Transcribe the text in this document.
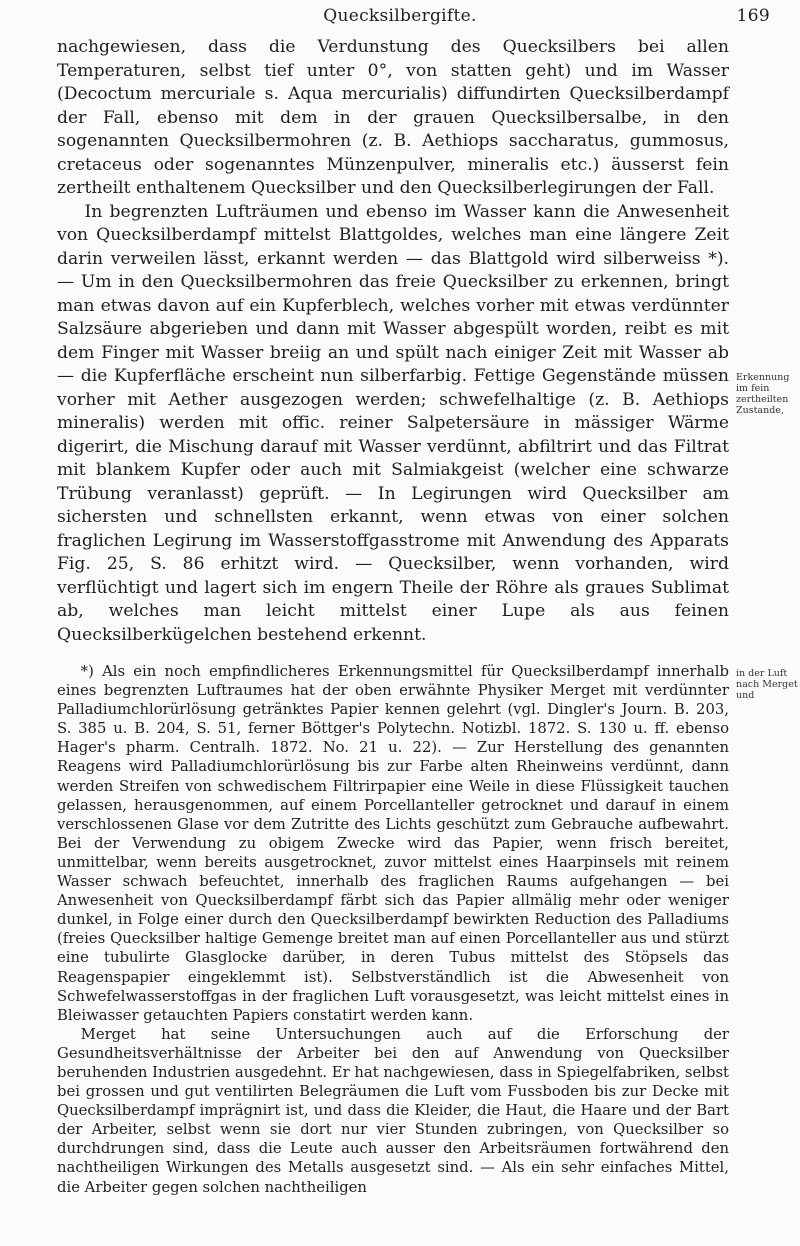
Quecksilbergifte.	169

nachgewiesen, dass die Verdunstung des Quecksilbers bei allen Temperaturen, selbst tief unter 0°, von statten geht) und im Wasser (Decoctum mercuriale s. Aqua mercurialis) diffundirten Quecksilberdampf der Fall, ebenso mit dem in der grauen Quecksilbersalbe, in den sogenannten Quecksilbermohren (z. B. Aethiops saccharatus, gummosus, cretaceus oder sogenanntes Münzenpulver, mineralis etc.) äusserst fein zertheilt enthaltenem Quecksilber und den Quecksilberlegirungen der Fall.

In begrenzten Lufträumen und ebenso im Wasser kann die Anwesenheit von Quecksilberdampf mittelst Blattgoldes, welches man eine längere Zeit darin verweilen lässt, erkannt werden — das Blattgold wird silberweiss *). — Um in den Quecksilbermohren das freie Quecksilber zu erkennen, bringt man etwas davon auf ein Kupferblech, welches vorher mit etwas verdünnter Salzsäure abgerieben und dann mit Wasser abgespült worden, reibt es mit dem Finger mit Wasser breiig an und spült nach einiger Zeit mit Wasser ab — die Kupferfläche erscheint nun silberfarbig. Fettige Gegenstände müssen vorher mit Aether ausgezogen werden; schwefelhaltige (z. B. Aethiops mineralis) werden mit offic. reiner Salpetersäure in mässiger Wärme digerirt, die Mischung darauf mit Wasser verdünnt, abfiltrirt und das Filtrat mit blankem Kupfer oder auch mit Salmiakgeist (welcher eine schwarze Trübung veranlasst) geprüft. — In Legirungen wird Quecksilber am sichersten und schnellsten erkannt, wenn etwas von einer solchen fraglichen Legirung im Wasserstoffgasstrome mit Anwendung des Apparats Fig. 25, S. 86 erhitzt wird. — Quecksilber, wenn vorhanden, wird verflüchtigt und lagert sich im engern Theile der Röhre als graues Sublimat ab, welches man leicht mittelst einer Lupe als aus feinen Quecksilberkügelchen bestehend erkennt.

Erkennung im fein zertheilten Zustande,
in der Luft nach Merget und

*) Als ein noch empfindlicheres Erkennungsmittel für Quecksilberdampf innerhalb eines begrenzten Luftraumes hat der oben erwähnte Physiker Merget mit verdünnter Palladiumchlorürlösung getränktes Papier kennen gelehrt (vgl. Dingler's Journ. B. 203, S. 385 u. B. 204, S. 51, ferner Böttger's Polytechn. Notizbl. 1872. S. 130 u. ff. ebenso Hager's pharm. Centralh. 1872. No. 21 u. 22). — Zur Herstellung des genannten Reagens wird Palladiumchlorürlösung bis zur Farbe alten Rheinweins verdünnt, dann werden Streifen von schwedischem Filtrirpapier eine Weile in diese Flüssigkeit tauchen gelassen, herausgenommen, auf einem Porcellanteller getrocknet und darauf in einem verschlossenen Glase vor dem Zutritte des Lichts geschützt zum Gebrauche aufbewahrt. Bei der Verwendung zu obigem Zwecke wird das Papier, wenn frisch bereitet, unmittelbar, wenn bereits ausgetrocknet, zuvor mittelst eines Haarpinsels mit reinem Wasser schwach befeuchtet, innerhalb des fraglichen Raums aufgehangen — bei Anwesenheit von Quecksilberdampf färbt sich das Papier allmälig mehr oder weniger dunkel, in Folge einer durch den Quecksilberdampf bewirkten Reduction des Palladiums (freies Quecksilber haltige Gemenge breitet man auf einen Porcellanteller aus und stürzt eine tubulirte Glasglocke darüber, in deren Tubus mittelst des Stöpsels das Reagenspapier eingeklemmt ist). Selbstverständlich ist die Abwesenheit von Schwefelwasserstoffgas in der fraglichen Luft vorausgesetzt, was leicht mittelst eines in Bleiwasser getauchten Papiers constatirt werden kann.

Merget hat seine Untersuchungen auch auf die Erforschung der Gesundheitsverhältnisse der Arbeiter bei den auf Anwendung von Quecksilber beruhenden Industrien ausgedehnt. Er hat nachgewiesen, dass in Spiegelfabriken, selbst bei grossen und gut ventilirten Belegräumen die Luft vom Fussboden bis zur Decke mit Quecksilberdampf imprägnirt ist, und dass die Kleider, die Haut, die Haare und der Bart der Arbeiter, selbst wenn sie dort nur vier Stunden zubringen, von Quecksilber so durchdrungen sind, dass die Leute auch ausser den Arbeitsräumen fortwährend den nachtheiligen Wirkungen des Metalls ausgesetzt sind. — Als ein sehr einfaches Mittel, die Arbeiter gegen solchen nachtheiligen
